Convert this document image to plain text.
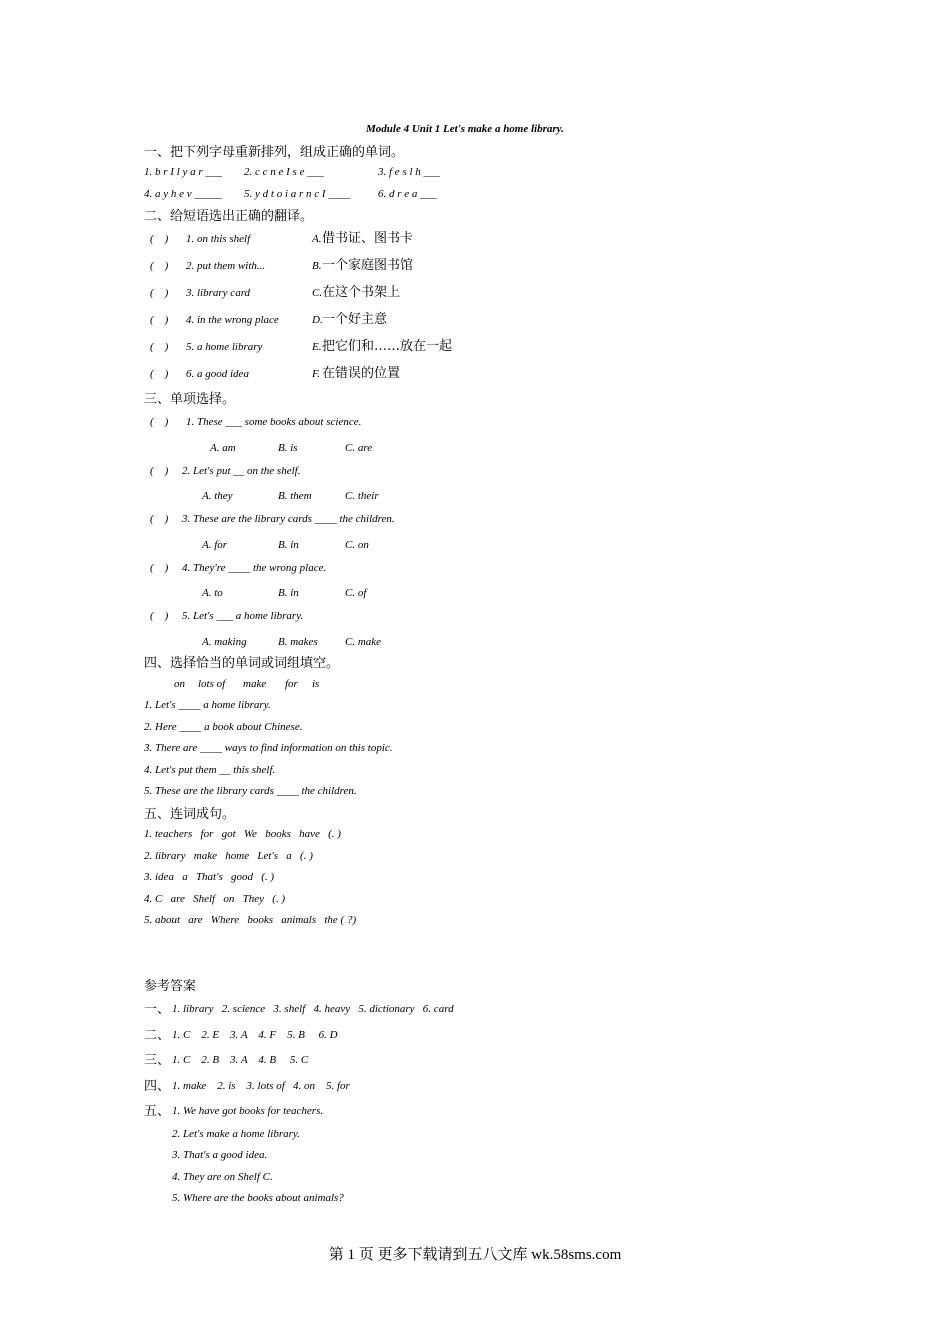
Module 4 Unit 1 Let's make a home library.
一、把下列字母重新排列，组成正确的单词。
1. b r I l y a r ___ 2. c c n e I s e ___	3. f e s l h ___
4. a y h e v _____ 5. y d t o i a r n c I ____	6. d r e a ___
二、给短语选出正确的翻译。
(    ) 1. on this shelf	A. 借书证、图书卡
(    ) 2. put them with...	B. 一个家庭图书馆
(    ) 3. library card	C. 在这个书架上
(    ) 4. in the wrong place	D. 一个好主意
(    ) 5. a home library	E. 把它们和……放在一起
(    ) 6. a good idea	F. 在错误的位置
三、单项选择。
(    ) 1. These ___ some books about science.
A. am	B. is	C. are
(    ) 2. Let's put __ on the shelf.
A. they	B. them	C. their
(    ) 3. These are the library cards ____ the children.
A. for	B. in	C. on
(    ) 4. They're ____ the wrong place.
A. to	B. in	C. of
(    ) 5. Let's ___ a home library.
A. making	B. makes C. make
四、选择恰当的单词或词组填空。
on lots of make for is
1. Let's ____ a home library.
2. Here ____ a book about Chinese.
3. There are ____ ways to find information on this topic.
4. Let's put them __ this shelf.
5. These are the library cards ____ the children.
五、连词成句。
1. teachers   for   got   We   books   have   (. )
2. library   make   home   Let's   a   (. )
3. idea   a   That's   good   (. )
4. C   are   Shelf   on   They   (. )
5. about   are   Where   books   animals   the ( ?)
参考答案
一、 1. library   2. science   3. shelf   4. heavy   5. dictionary   6. card
二、 1. C    2. E    3. A    4. F    5. B     6. D
三、 1. C    2. B    3. A    4. B     5. C
四、 1. make    2. is    3. lots of   4. on    5. for
五、 1. We have got books for teachers.
2. Let's make a home library.
3. That's a good idea.
4. They are on Shelf C.
5. Where are the books about animals?
第 1 页 更多下载请到五八文库 wk.58sms.com
